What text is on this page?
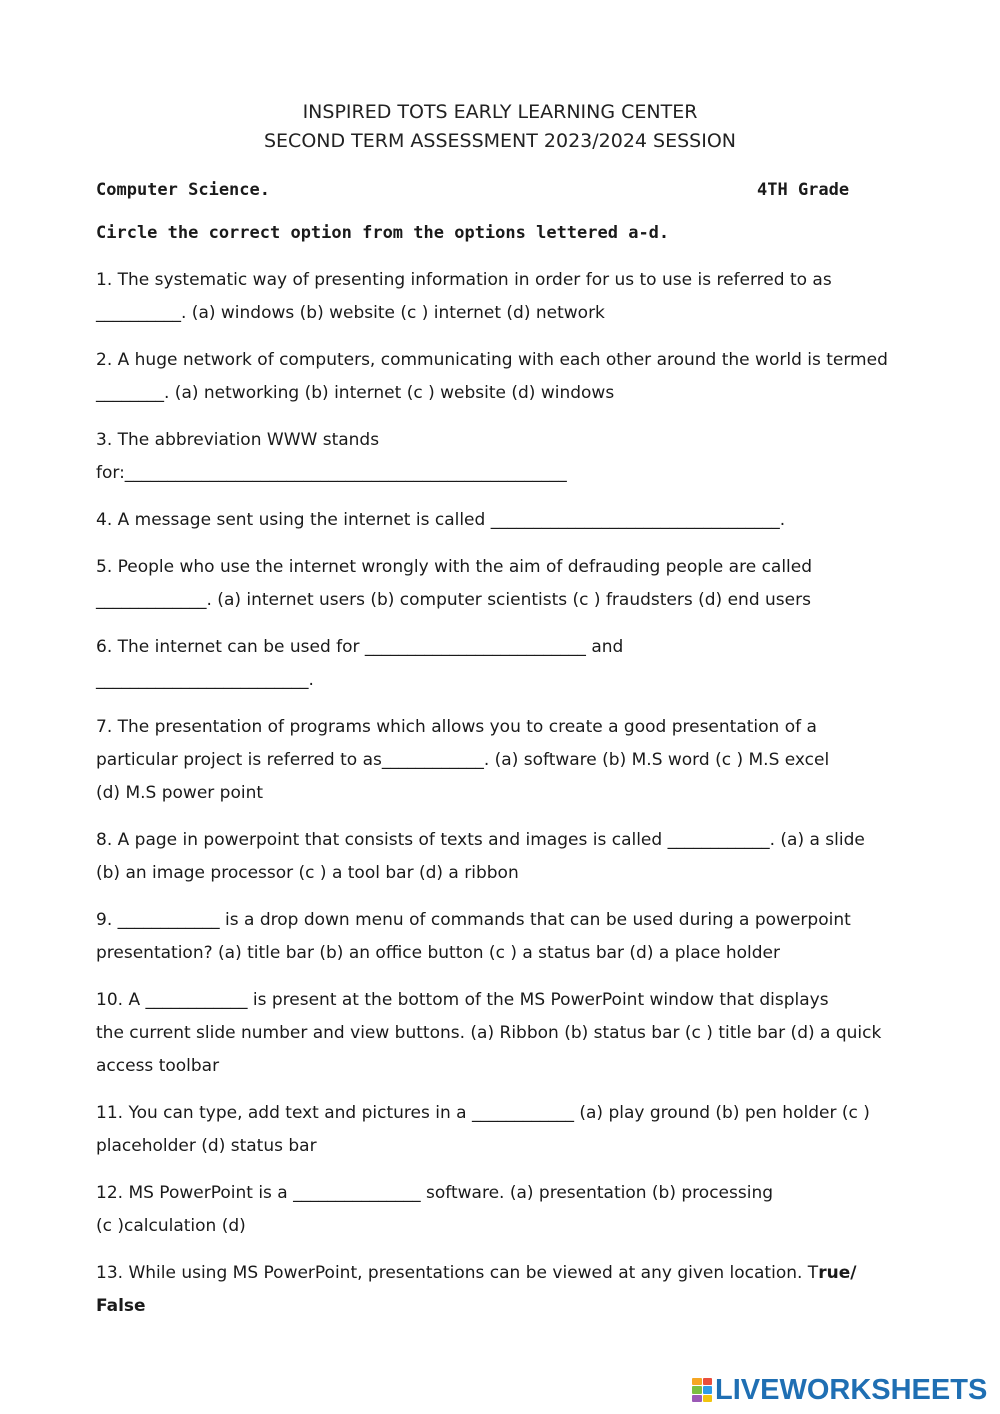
INSPIRED TOTS EARLY LEARNING CENTER
SECOND TERM ASSESSMENT 2023/2024 SESSION
Computer Science.	4TH Grade
Circle the correct option from the options lettered a-d.
1. The systematic way of presenting information in order for us to use is referred to as
__________. (a) windows (b) website (c ) internet (d) network
2. A huge network of computers, communicating with each other around the world is termed
________. (a) networking (b) internet (c ) website (d) windows
3. The abbreviation WWW stands
for:____________________________________________________
4. A message sent using the internet is called __________________________________.
5. People who use the internet wrongly with the aim of defrauding people are called
_____________. (a) internet users (b) computer scientists (c ) fraudsters (d) end users
6. The internet can be used for __________________________ and
_________________________.
7. The presentation of programs which allows you to create a good presentation of a
particular project is referred to as____________. (a) software (b) M.S word (c ) M.S excel
(d) M.S power point
8. A page in powerpoint that consists of texts and images is called ____________. (a) a slide
(b) an image processor (c ) a tool bar (d) a ribbon
9. ____________ is a drop down menu of commands that can be used during a powerpoint
presentation? (a) title bar (b) an office button (c ) a status bar (d) a place holder
10. A ____________ is present at the bottom of the MS PowerPoint window that displays
the current slide number and view buttons. (a) Ribbon (b) status bar (c ) title bar (d) a quick
access toolbar
11. You can type, add text and pictures in a ____________ (a) play ground (b) pen holder (c )
placeholder (d) status bar
12. MS PowerPoint is a _______________ software. (a) presentation (b) processing
(c )calculation (d)
13. While using MS PowerPoint, presentations can be viewed at any given location. True/
False
LIVEWORKSHEETS
